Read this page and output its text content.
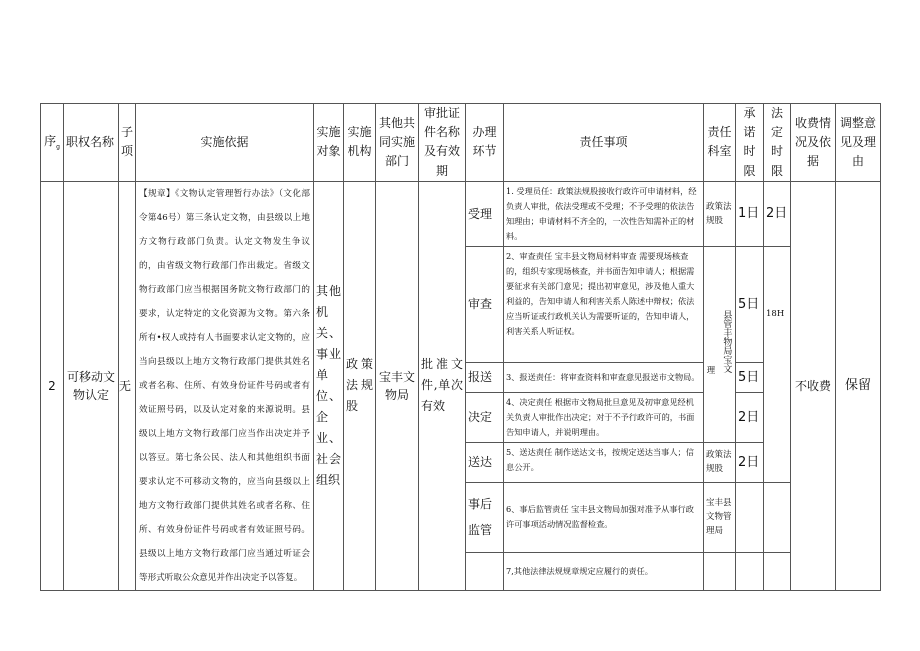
序$_g$	职权名称	子项	实施依据	实施对象	实施机构	其他共同实施部门	审批证件名称及有效期	办理环节	责任事项	责任科室	承诺时限	法定时限	收费情况及依据	调整意见及理由
2	可移动文物认定	无	【规章】《文物认定管理暂行办法》（文化部令第46号）第三条认定文物，由县级以上地方文物行政部门负责。认定文物发生争议的，由省级文物行政部门作出裁定。省级文物行政部门应当根据国务院文物行政部门的要求，认定特定的文化资源为文物。第六条所有•权人或持有人书面要求认定文物的，应当向县级以上地方文物行政部门提供其姓名或者名称、住所、有效身份证件号码或者有效证照号码，以及认定对象的来源说明。县级以上地方文物行政部门应当作出决定并予以答豆。第七条公民、法人和其他组织书面要求认定不可移动文物的，应当向县级以上地方文物行政部门提供其姓名或者名称、住所、有效身份证件号码或者有效证照号码。县级以上地方文物行政部门应当通过听证会等形式听取公众意见并作出决定予以答复。	其他机关、事业单位、企业、社会组织	政策法规股	宝丰文物局	批准文件,单次有效	受理	1. 受理员任：政策法规股接收行政许可申请材料，经负责人审批，依法受理或不受理；不予受理的依法告知理由；申请材料不齐全的，一次性告知需补正的材料。	政策法规股	1日	2日	不收费	保留
								审查	2、审查责任 宝丰县文物局材料审查 需要现场核查的，组织专家现场核查，并书面告知申请人；根据需要征求有关部门意见；提出初审意见，涉及他人重大利益的，告知申请人和利害关系人陈述中辩权；依法应当听证或行政机关认为需要听证的，告知申请人，利害关系人听证权。	理 县管丰物局宝文	5日	18H		
								报送	3、报送责任：将审查资料和审查意见报送市文物局。		5日			
								决定	4、决定责任 根据市文物局批旦意见及初审意见经机关负责人审批作出决定；对于不予行政许可的，书面告知申请人，并说明理由。		2日			
								送达	5、送达责任 制作送达文书，按规定送达当事人；信息公开。	政策法规股	2日			
								事后监管	6、事后监管责任 宝丰县文物局加强对准予从事行政许可事项活动情况监督检查。	宝丰县文物管理局				
									7,其他法律法规规章规定应履行的责任。					
